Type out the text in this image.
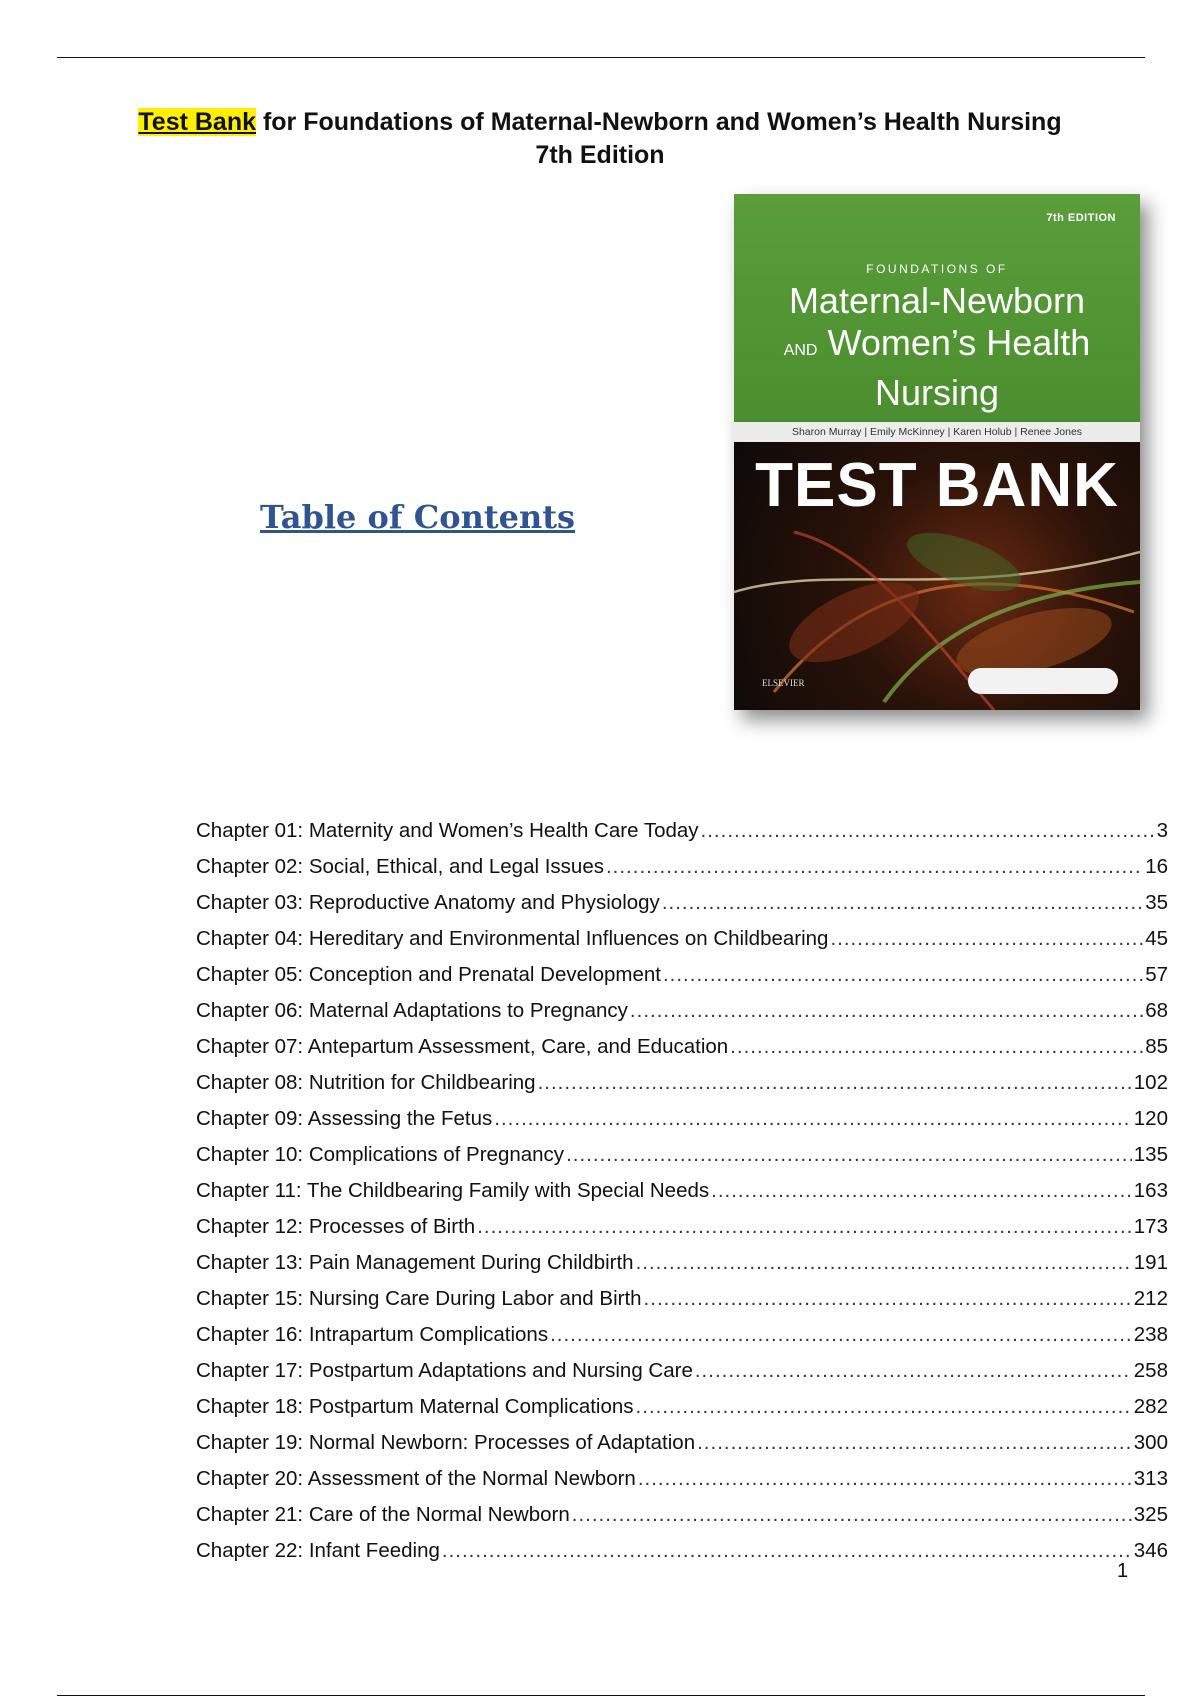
Test Bank for Foundations of Maternal-Newborn and Women’s Health Nursing
7th Edition
7th EDITION
FOUNDATIONS OF
Maternal-Newborn
AND Women’s Health
Nursing
Sharon Murray | Emily McKinney | Karen Holub | Renee Jones
TEST BANK
ELSEVIER
Table of Contents
Chapter 01: Maternity and Women’s Health Care Today .....	3
Chapter 02: Social, Ethical, and Legal Issues .....	16
Chapter 03: Reproductive Anatomy and Physiology .....	35
Chapter 04: Hereditary and Environmental Influences on Childbearing .....	45
Chapter 05: Conception and Prenatal Development .....	57
Chapter 06: Maternal Adaptations to Pregnancy .....	68
Chapter 07: Antepartum Assessment, Care, and Education .....	85
Chapter 08: Nutrition for Childbearing .....	102
Chapter 09: Assessing the Fetus .....	120
Chapter 10: Complications of Pregnancy .....	135
Chapter 11: The Childbearing Family with Special Needs .....	163
Chapter 12: Processes of Birth .....	173
Chapter 13: Pain Management During Childbirth .....	191
Chapter 15: Nursing Care During Labor and Birth .....	212
Chapter 16: Intrapartum Complications .....	238
Chapter 17: Postpartum Adaptations and Nursing Care .....	258
Chapter 18: Postpartum Maternal Complications .....	282
Chapter 19: Normal Newborn: Processes of Adaptation .....	300
Chapter 20: Assessment of the Normal Newborn .....	313
Chapter 21: Care of the Normal Newborn .....	325
Chapter 22: Infant Feeding .....	346
1
